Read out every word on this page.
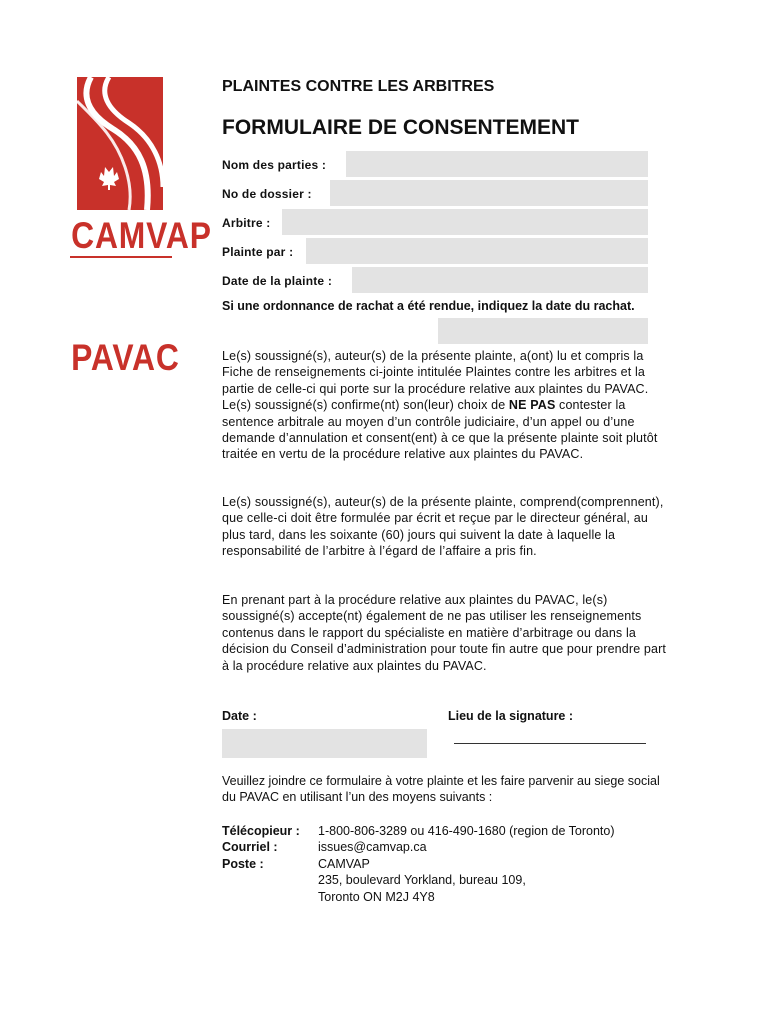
CAMVAP
PAVAC
PLAINTES CONTRE LES ARBITRES
FORMULAIRE DE CONSENTEMENT
Nom des parties :
No de dossier :
Arbitre :
Plainte par :
Date de la plainte :
Si une ordonnance de rachat a été rendue, indiquez la date du rachat.
Le(s) soussigné(s), auteur(s) de la présente plainte, a(ont) lu et compris la Fiche de renseignements ci-jointe intitulée Plaintes contre les arbitres et la partie de celle-ci qui porte sur la procédure relative aux plaintes du PAVAC. Le(s) soussigné(s) confirme(nt) son(leur) choix de NE PAS contester la sentence arbitrale au moyen d’un contrôle judiciaire, d’un appel ou d’une demande d’annulation et consent(ent) à ce que la présente plainte soit plutôt traitée en vertu de la procédure relative aux plaintes du PAVAC.
Le(s) soussigné(s), auteur(s) de la présente plainte, comprend(comprennent), que celle-ci doit être formulée par écrit et reçue par le directeur général, au plus tard, dans les soixante (60) jours qui suivent la date à laquelle la responsabilité de l’arbitre à l’égard de l’affaire a pris fin.
En prenant part à la procédure relative aux plaintes du PAVAC, le(s) soussigné(s) accepte(nt) également de ne pas utiliser les renseignements contenus dans le rapport du spécialiste en matière d’arbitrage ou dans la décision du Conseil d’administration pour toute fin autre que pour prendre part à la procédure relative aux plaintes du PAVAC.
Date :	Lieu de la signature :
Veuillez joindre ce formulaire à votre plainte et les faire parvenir au siege social du PAVAC en utilisant l’un des moyens suivants :
Télécopieur : 1-800-806-3289 ou 416-490-1680 (region de Toronto)
Courriel :	issues@camvap.ca
Poste :	CAMVAP
235, boulevard Yorkland, bureau 109,
Toronto ON M2J 4Y8
